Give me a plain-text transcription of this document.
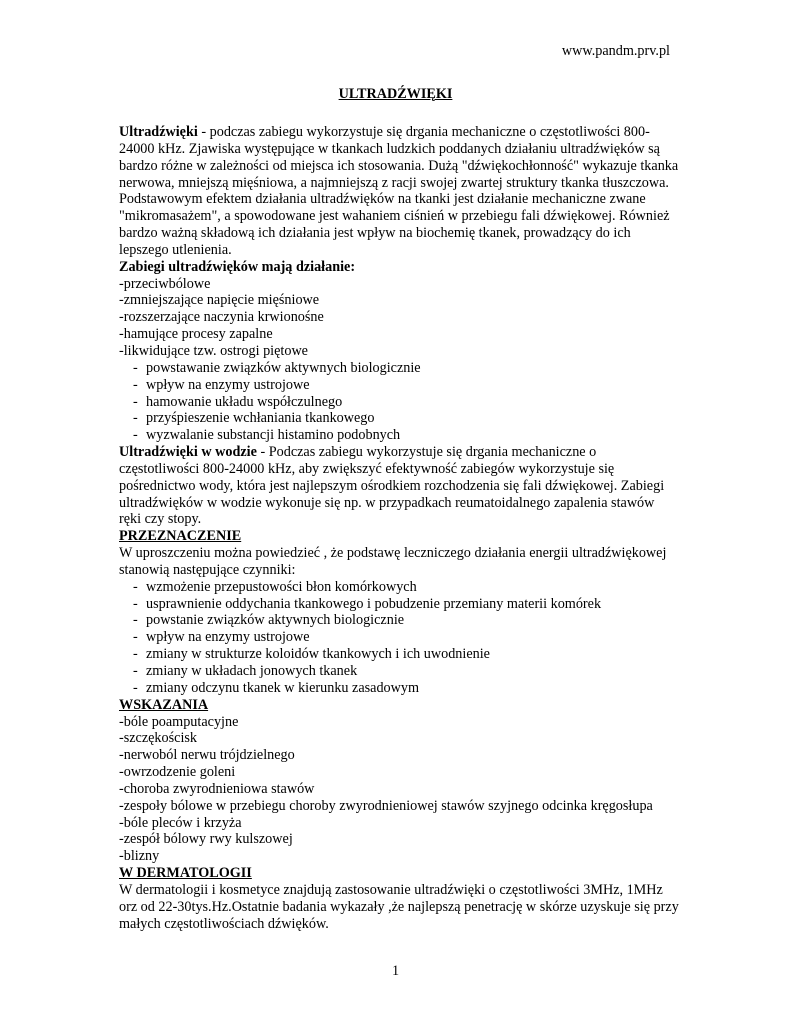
www.pandm.prv.pl
ULTRADŹWIĘKI

Ultradźwięki - podczas zabiegu wykorzystuje się drgania mechaniczne o częstotliwości 800-24000 kHz. Zjawiska występujące w tkankach ludzkich poddanych działaniu ultradźwięków są bardzo różne w zależności od miejsca ich stosowania. Dużą "dźwiękochłonność" wykazuje tkanka nerwowa, mniejszą mięśniowa, a najmniejszą z racji swojej zwartej struktury tkanka tłuszczowa. Podstawowym efektem działania ultradźwięków na tkanki jest działanie mechaniczne zwane "mikromasażem", a spowodowane jest wahaniem ciśnień w przebiegu fali dźwiękowej. Również bardzo ważną składową ich działania jest wpływ na biochemię tkanek, prowadzący do ich lepszego utlenienia.

Zabiegi ultradźwięków mają działanie:

-przeciwbólowe
-zmniejszające napięcie mięśniowe
-rozszerzające naczynia krwionośne
-hamujące procesy zapalne
-likwidujące tzw. ostrogi piętowe
- powstawanie związków aktywnych biologicznie
- wpływ na enzymy ustrojowe
- hamowanie układu współczulnego
- przyśpieszenie wchłaniania tkankowego
- wyzwalanie substancji histamino podobnych

Ultradźwięki w wodzie - Podczas zabiegu wykorzystuje się drgania mechaniczne o częstotliwości 800-24000 kHz, aby zwiększyć efektywność zabiegów wykorzystuje się pośrednictwo wody, która jest najlepszym ośrodkiem rozchodzenia się fali dźwiękowej. Zabiegi ultradźwięków w wodzie wykonuje się np. w przypadkach reumatoidalnego zapalenia stawów ręki czy stopy.

PRZEZNACZENIE

W uproszczeniu można powiedzieć , że podstawę leczniczego działania energii ultradźwiękowej stanowią następujące czynniki:

- wzmożenie przepustowości błon komórkowych
- usprawnienie oddychania tkankowego i pobudzenie przemiany materii komórek
- powstanie związków aktywnych biologicznie
- wpływ na enzymy ustrojowe
- zmiany w strukturze koloidów tkankowych i ich uwodnienie
- zmiany w układach jonowych tkanek
- zmiany odczynu tkanek w kierunku zasadowym

WSKAZANIA

-bóle poamputacyjne
-szczękościsk
-nerwoból nerwu trójdzielnego
-owrzodzenie goleni
-choroba zwyrodnieniowa stawów
-zespoły bólowe w przebiegu choroby zwyrodnieniowej stawów szyjnego odcinka kręgosłupa
-bóle pleców i krzyża
-zespół bólowy rwy kulszowej
-blizny

W DERMATOLOGII

W dermatologii i kosmetyce znajdują zastosowanie ultradźwięki o częstotliwości 3MHz, 1MHz orz od 22-30tys.Hz.Ostatnie badania wykazały ,że najlepszą penetrację w skórze uzyskuje się przy małych częstotliwościach dźwięków.

1
